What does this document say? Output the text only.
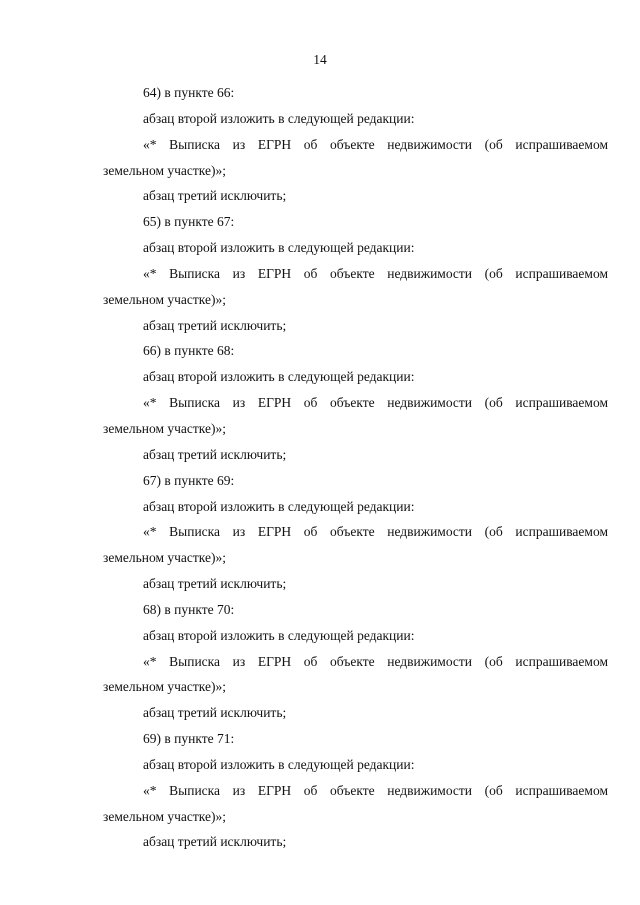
14
64) в пункте 66:
абзац второй изложить в следующей редакции:
«* Выписка из ЕГРН об объекте недвижимости (об испрашиваемом
земельном участке)»;
абзац третий исключить;
65) в пункте 67:
абзац второй изложить в следующей редакции:
«* Выписка из ЕГРН об объекте недвижимости (об испрашиваемом
земельном участке)»;
абзац третий исключить;
66) в пункте 68:
абзац второй изложить в следующей редакции:
«* Выписка из ЕГРН об объекте недвижимости (об испрашиваемом
земельном участке)»;
абзац третий исключить;
67) в пункте 69:
абзац второй изложить в следующей редакции:
«* Выписка из ЕГРН об объекте недвижимости (об испрашиваемом
земельном участке)»;
абзац третий исключить;
68) в пункте 70:
абзац второй изложить в следующей редакции:
«* Выписка из ЕГРН об объекте недвижимости (об испрашиваемом
земельном участке)»;
абзац третий исключить;
69) в пункте 71:
абзац второй изложить в следующей редакции:
«* Выписка из ЕГРН об объекте недвижимости (об испрашиваемом
земельном участке)»;
абзац третий исключить;
